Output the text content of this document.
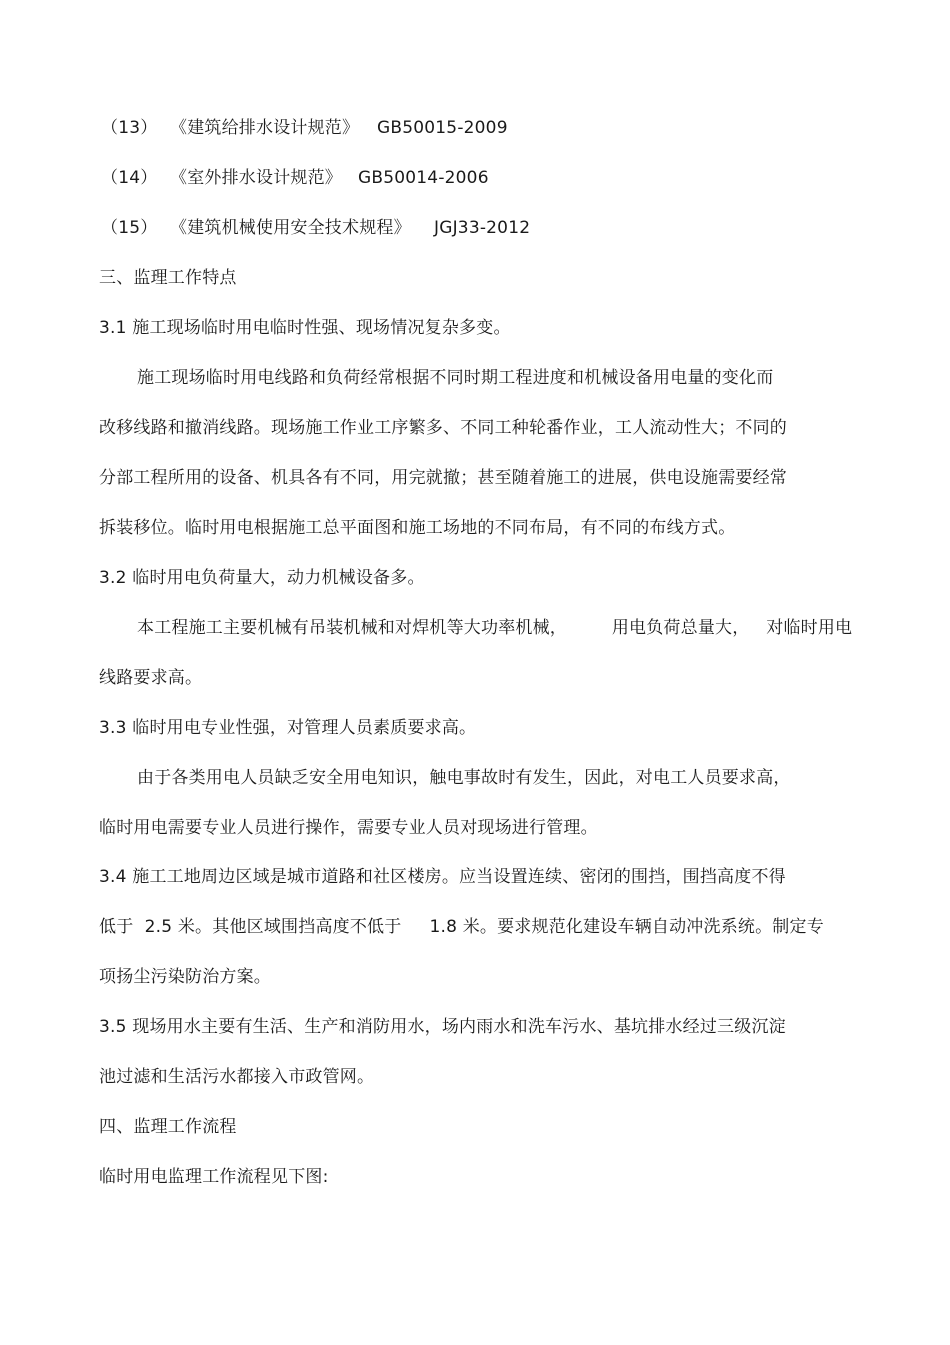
（13） 《建筑给排水设计规范》 GB50015-2009
（14） 《室外排水设计规范》 GB50014-2006
（15） 《建筑机械使用安全技术规程》 JGJ33-2012
三、监理工作特点
3.1 施工现场临时用电临时性强、现场情况复杂多变。
施工现场临时用电线路和负荷经常根据不同时期工程进度和机械设备用电量的变化而
改移线路和撤消线路。现场施工作业工序繁多、不同工种轮番作业，工人流动性大；不同的
分部工程所用的设备、机具各有不同，用完就撤；甚至随着施工的进展，供电设施需要经常
拆装移位。临时用电根据施工总平面图和施工场地的不同布局，有不同的布线方式。
3.2 临时用电负荷量大，动力机械设备多。
本工程施工主要机械有吊装机械和对焊机等大功率机械，        用电负荷总量大，   对临时用电
线路要求高。
3.3 临时用电专业性强，对管理人员素质要求高。
由于各类用电人员缺乏安全用电知识，触电事故时有发生，因此，对电工人员要求高，
临时用电需要专业人员进行操作，需要专业人员对现场进行管理。
3.4 施工工地周边区域是城市道路和社区楼房。应当设置连续、密闭的围挡，围挡高度不得
低于  2.5 米。其他区域围挡高度不低于     1.8 米。要求规范化建设车辆自动冲洗系统。制定专
项扬尘污染防治方案。
3.5 现场用水主要有生活、生产和消防用水，场内雨水和洗车污水、基坑排水经过三级沉淀
池过滤和生活污水都接入市政管网。
四、监理工作流程
临时用电监理工作流程见下图:
